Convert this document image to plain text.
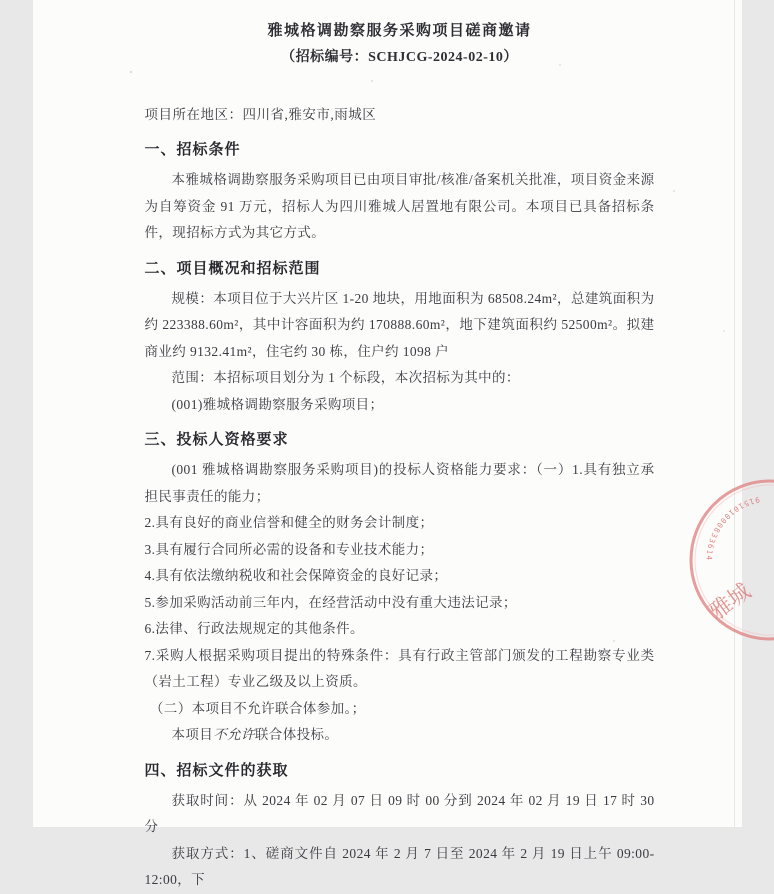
雅城格调勘察服务采购项目磋商邀请
（招标编号：SCHJCG-2024-02-10）
项目所在地区：四川省,雅安市,雨城区
一、招标条件

本雅城格调勘察服务采购项目已由项目审批/核准/备案机关批准，项目资金来源为自筹资金 91 万元，招标人为四川雅城人居置地有限公司。本项目已具备招标条件，现招标方式为其它方式。

二、项目概况和招标范围

规模：本项目位于大兴片区 1-20 地块，用地面积为 68508.24m²，总建筑面积为约 223388.60m²，其中计容面积为约 170888.60m²，地下建筑面积约 52500m²。拟建商业约 9132.41m²，住宅约 30 栋，住户约 1098 户

范围：本招标项目划分为 1 个标段，本次招标为其中的：

(001)雅城格调勘察服务采购项目；

三、投标人资格要求

(001 雅城格调勘察服务采购项目)的投标人资格能力要求：（一）1.具有独立承担民事责任的能力；

2.具有良好的商业信誉和健全的财务会计制度；

3.具有履行合同所必需的设备和专业技术能力；

4.具有依法缴纳税收和社会保障资金的良好记录；

5.参加采购活动前三年内，在经营活动中没有重大违法记录；

6.法律、行政法规规定的其他条件。

7.采购人根据采购项目提出的特殊条件：具有行政主管部门颁发的工程勘察专业类（岩土工程）专业乙级及以上资质。

（二）本项目不允许联合体参加。；

本项目不允许联合体投标。

四、招标文件的获取

获取时间：从 2024 年 02 月 07 日 09 时 00 分到 2024 年 02 月 19 日 17 时 30 分

获取方式：1、磋商文件自 2024 年 2 月 7 日至 2024 年 2 月 19 日上午 09:00-12:00，下

915101000833614
雅城
